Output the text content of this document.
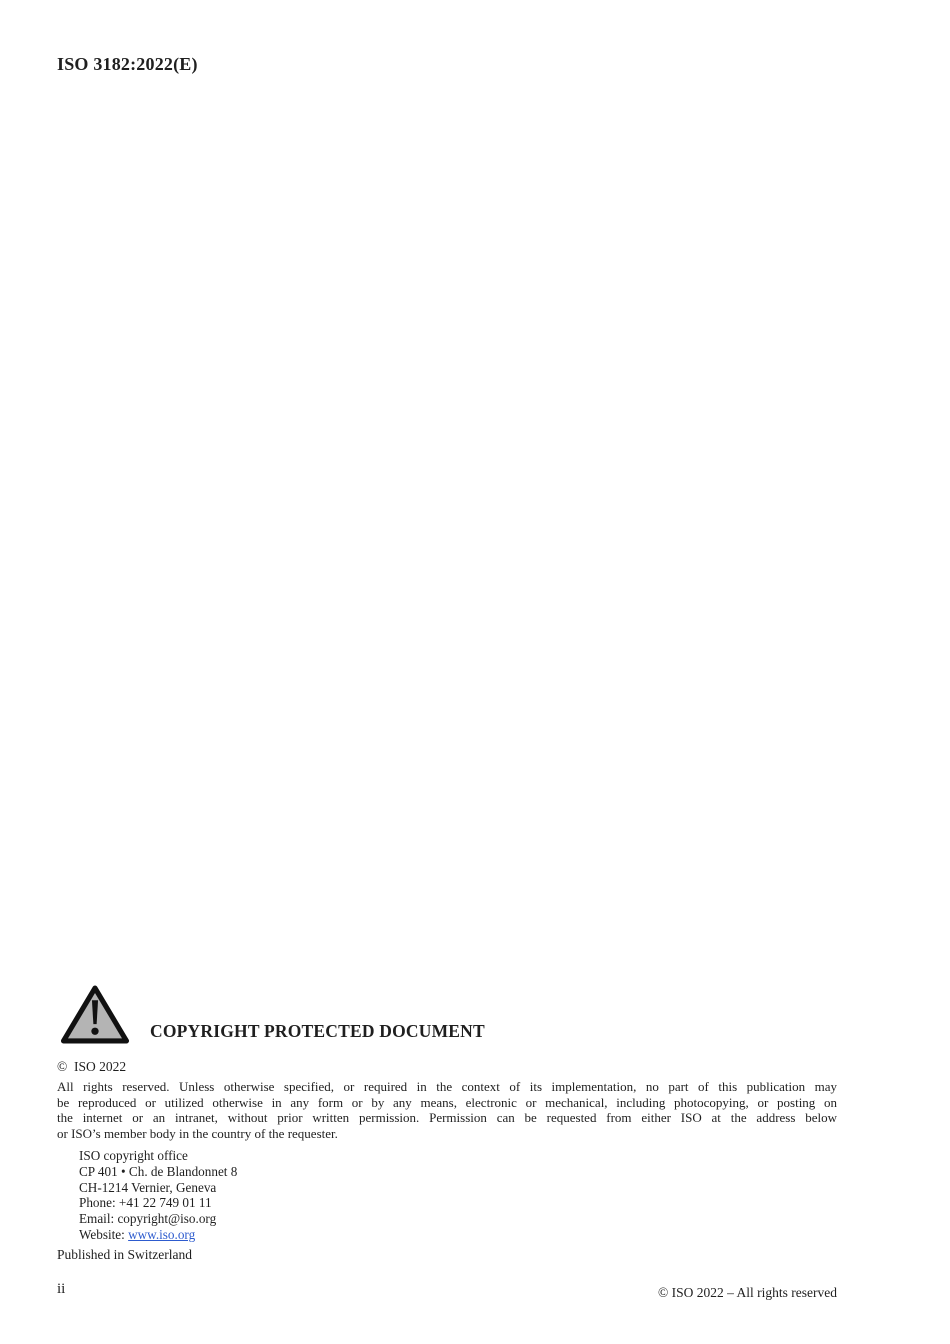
ISO 3182:2022(E)
COPYRIGHT PROTECTED DOCUMENT
©  ISO 2022
All rights reserved. Unless otherwise specified, or required in the context of its implementation, no part of this publication may
be reproduced or utilized otherwise in any form or by any means, electronic or mechanical, including photocopying, or posting on
the internet or an intranet, without prior written permission. Permission can be requested from either ISO at the address below
or ISO’s member body in the country of the requester.
ISO copyright office
CP 401 • Ch. de Blandonnet 8
CH-1214 Vernier, Geneva
Phone: +41 22 749 01 11
Email: copyright@iso.org
Website: www.iso.org
Published in Switzerland
ii	© ISO 2022 – All rights reserved
